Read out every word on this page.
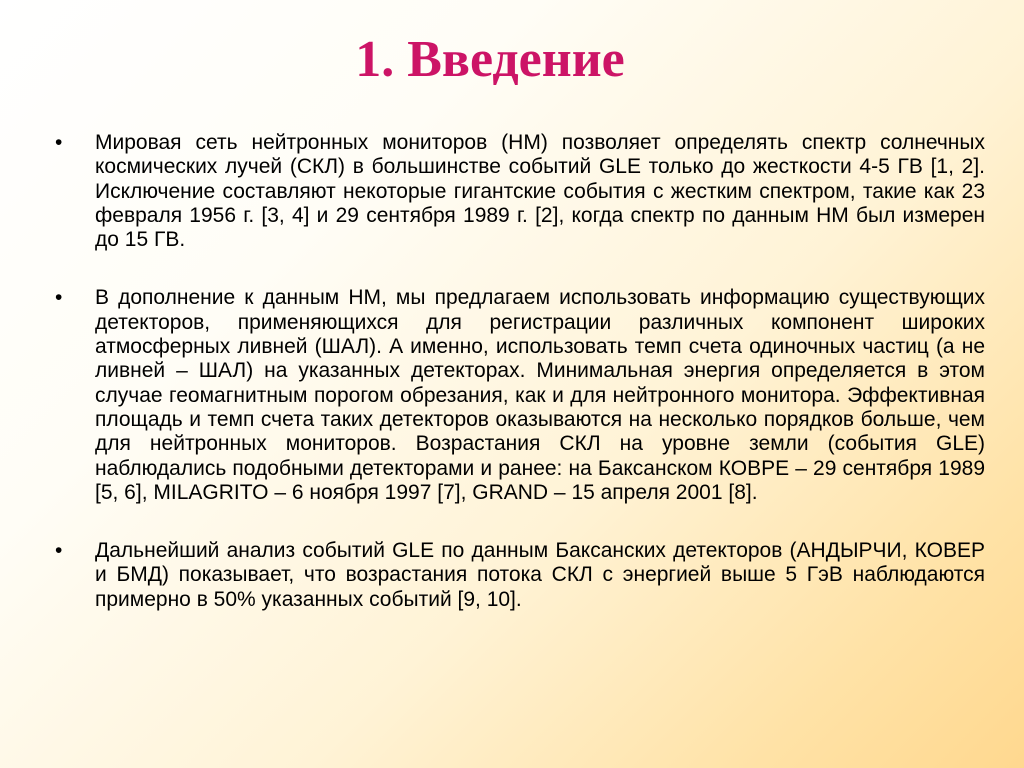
1. Введение
•	Мировая сеть нейтронных мониторов (НМ) позволяет определять спектр солнечных космических лучей (СКЛ) в большинстве событий GLE только до жесткости 4-5 ГВ [1, 2]. Исключение составляют некоторые гигантские события с жестким спектром, такие как 23 февраля 1956 г. [3, 4] и 29 сентября 1989 г. [2], когда спектр по данным НМ был измерен до 15 ГВ.
•	В дополнение к данным НМ, мы предлагаем использовать информацию существующих детекторов, применяющихся для регистрации различных компонент широких атмосферных ливней (ШАЛ). А именно, использовать темп счета одиночных частиц (а не ливней – ШАЛ) на указанных детекторах. Минимальная энергия определяется в этом случае геомагнитным порогом обрезания, как и для нейтронного монитора. Эффективная площадь и темп счета таких детекторов оказываются на несколько порядков больше, чем для нейтронных мониторов. Возрастания СКЛ на уровне земли (события GLE) наблюдались подобными детекторами и ранее: на Баксанском КОВРЕ – 29 сентября 1989 [5, 6], MILAGRITO – 6 ноября 1997 [7], GRAND – 15 апреля 2001 [8].
•	Дальнейший анализ событий GLE по данным Баксанских детекторов (АНДЫРЧИ, КОВЕР и БМД) показывает, что возрастания потока СКЛ с энергией выше 5 ГэВ наблюдаются примерно в 50% указанных событий [9, 10].
